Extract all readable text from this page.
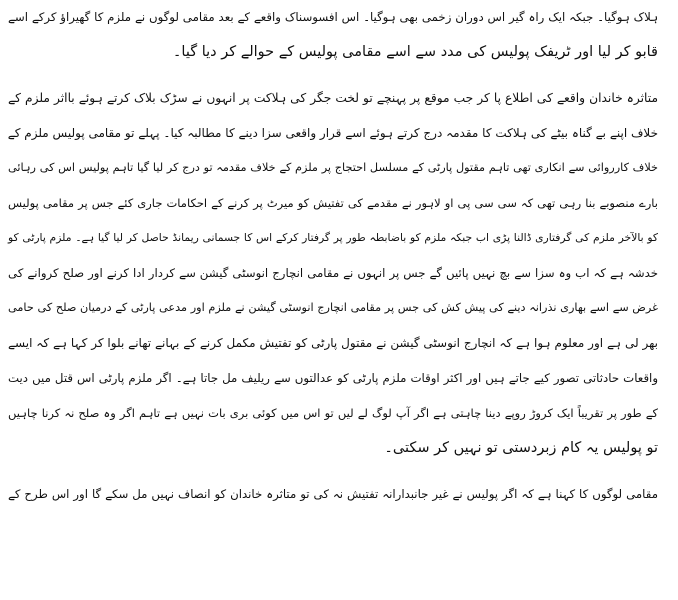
ہلاک ہوگیا۔ جبکہ ایک راہ گیر اس دوران زخمی بھی ہوگیا۔ اس افسوسناک واقعے کے بعد مقامی لوگوں نے ملزم کا گھیراؤ کرکے اسے
قابو کر لیا اور ٹریفک پولیس کی مدد سے اسے مقامی پولیس کے حوالے کر دیا گیا۔
متاثرہ خاندان واقعے کی اطلاع پا کر جب موقع پر پہنچے تو لخت جگر کی ہلاکت پر انہوں نے سڑک بلاک کرتے ہوئے بااثر ملزم کے
خلاف اپنے بے گناہ بیٹے کی ہلاکت کا مقدمہ درج کرتے ہوئے اسے قرار واقعی سزا دینے کا مطالبہ کیا۔ پہلے تو مقامی پولیس ملزم کے
خلاف کارروائی سے انکاری تھی تاہم مقتول پارٹی کے مسلسل احتجاج پر ملزم کے خلاف مقدمہ تو درج کر لیا گیا تاہم پولیس اس کی رہائی
بارے منصوبے بنا رہی تھی کہ سی سی پی او لاہور نے مقدمے کی تفتیش کو میرٹ پر کرنے کے احکامات جاری کئے جس پر مقامی پولیس
کو بالآخر ملزم کی گرفتاری ڈالنا پڑی اب جبکہ ملزم کو باضابطہ طور پر گرفتار کرکے اس کا جسمانی ریمانڈ حاصل کر لیا گیا ہے۔ ملزم پارٹی کو
خدشہ ہے کہ اب وہ سزا سے بچ نہیں پائیں گے جس پر انہوں نے مقامی انچارج انوسٹی گیشن سے کردار ادا کرنے اور صلح کروانے کی
غرض سے اسے بھاری نذرانہ دینے کی پیش کش کی جس پر مقامی انچارج انوسٹی گیشن نے ملزم اور مدعی پارٹی کے درمیان صلح کی حامی
بھر لی ہے اور معلوم ہوا ہے کہ انچارج انوسٹی گیشن نے مقتول پارٹی کو تفتیش مکمل کرنے کے بہانے تھانے بلوا کر کہا ہے کہ ایسے
واقعات حادثاتی تصور کیے جاتے ہیں اور اکثر اوقات ملزم پارٹی کو عدالتوں سے ریلیف مل جاتا ہے۔ اگر ملزم پارٹی اس قتل میں دیت
کے طور پر تقریباً ایک کروڑ روپے دینا چاہتی ہے اگر آپ لوگ لے لیں تو اس میں کوئی بری بات نہیں ہے تاہم اگر وہ صلح نہ کرنا چاہیں
تو پولیس یہ کام زبردستی تو نہیں کر سکتی۔
مقامی لوگوں کا کہنا ہے کہ اگر پولیس نے غیر جانبدارانہ تفتیش نہ کی تو متاثرہ خاندان کو انصاف نہیں مل سکے گا اور اس طرح کے
